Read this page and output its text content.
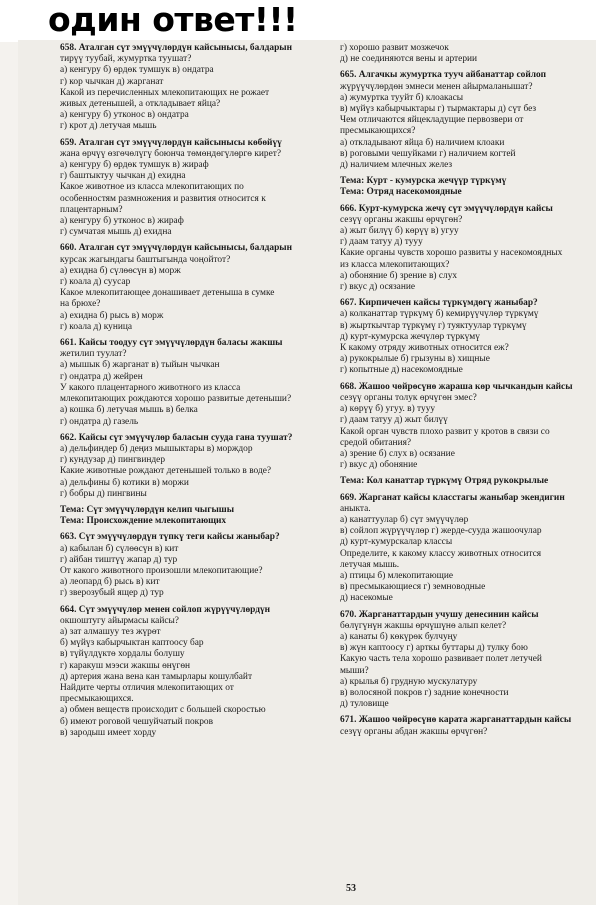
один ответ!!!
658. Аталган сүт эмүүчүлөрдүн кайсынысы, балдарын
тирүү туубай, жумуртка туушат?
а) кенгуру б) өрдөк тумшук в) ондатра
г) кор чычкан д) жарганат
Какой из перечисленных млекопитающих не рожает
живых детенышей, а откладывает яйца?
а) кенгуру б) утконос в) ондатра
г) крот д) летучая мышь
659. Аталган сүт эмүүчүлөрдүн кайсынысы көбөйүү
жана өрчүү өзгөчөлүгү боюнча төмөндөгүлөргө кирет?
а) кенгуру б) өрдөк тумшук в) жираф
г) баштыктуу чычкан д) ехидна
Какое животное из класса млекопитающих по
особенностям размножения и развития относится к
плацентарным?
а) кенгуру б) утконос в) жираф
г) сумчатая мышь д) ехидна
660. Аталган сүт эмүүчүлөрдүн кайсынысы, балдарын
курсак жагындагы баштыгында чоңойтот?
а) ехидна б) сүлөөсүн в) морж
г) коала д) суусар
Какое млекопитающее донашивает детеныша в сумке
на брюхе?
а) ехидна б) рысь в) морж
г) коала д) куница
661. Кайсы тоодуу сүт эмүүчүлөрдүн баласы жакшы
жетилип туулат?
а) мышык б) жарганат в) тыйын чычкан
г) ондатра д) жейрен
У какого плацентарного животного из класса
млекопитающих рождаются хорошо развитые детеныши?
а) кошка б) летучая мышь в) белка
г) ондатра д) газель
662. Кайсы сүт эмүүчүлөр баласын сууда гана туушат?
а) дельфиндер б) деңиз мышыктары в) морждор
г) кундузар д) пингвиндер
Какие животные рождают детенышей только в воде?
а) дельфины б) котики в) моржи
г) бобры д) пингвины
Тема: Сүт эмүүчүлөрдүн келип чыгышы
Тема: Происхождение млекопитающих
663. Сүт эмүүчүлөрдүн түпкү теги кайсы жаныбар?
а) кабылан б) сүлөөсүн в) кит
г) айбан тиштүү жапар д) тур
От какого животного произошли млекопитающие?
а) леопард б) рысь в) кит
г) зверозубый ящер д) тур
664. Сүт эмүүчүлөр менен сойлоп жүрүүчүлөрдүн
окшоштугу айырмасы кайсы?
а) зат алмашуу тез жүрөт
б) мүйүз кабырчыктан каптоосу бар
в) түйүлдүктө хордалы болушу
г) каракуш мээси жакшы өнүгөн
д) артерия жана вена кан тамырлары кошулбайт
Найдите черты отличия млекопитающих от
пресмыкающихся.
а) обмен веществ происходит с большей скоростью
б) имеют роговой чешуйчатый покров
в) зародыш имеет хорду
г) хорошо развит мозжечок
д) не соединяются вены и артерии
665. Алгачкы жумуртка тууч айбанаттар сойлоп
жүрүүчүлөрдөн эмнеси менен айырмаланышат?
а) жумуртка тууйт б) клоакасы
в) мүйүз кабырчыктары г) тырмактары д) сүт без
Чем отличаются яйцекладущие первозвери от
пресмыкающихся?
а) откладывают яйца б) наличием клоаки
в) роговыми чешуйками г) наличием когтей
д) наличием млечных желез
Тема: Курт - кумурска жечүүр түркүмү
Тема: Отряд насекомоядные
666. Курт-кумурска жечү сүт эмүүчүлөрдүн кайсы
сезүү органы жакшы өрчүгөн?
а) жыт билүү б) көрүү в) угуу
г) даам татуу д) тууу
Какие органы чувств хорошо развиты у насекомоядных
из класса млекопитающих?
а) обоняние б) зрение в) слух
г) вкус д) осязание
667. Кирпичечен кайсы түркүмдөгү жаныбар?
а) колканаттар түркүмү б) кемирүүчүлөр түркүмү
в) жырткычтар түркүмү г) туяктуулар түркүмү
д) курт-кумурска жечүлөр түркүмү
К какому отряду животных относится еж?
а) рукокрылые б) грызуны в) хищные
г) копытные д) насекомоядные
668. Жашоо чөйрөсүнө жараша көр чычкандын кайсы
сезүү органы толук өрчүгөн эмес?
а) көрүү б) угуу. в) тууу
г) даам татуу д) жыт билүү
Какой орган чувств плохо развит у кротов в связи со
средой обитания?
а) зрение б) слух в) осязание
г) вкус д) обоняние
Тема: Кол канаттар түркүмү Отряд рукокрылые
669. Жарганат кайсы класстагы жаныбар экендигин
аныкта.
а) канаттуулар б) сүт эмүүчүлөр
в) сойлоп жүрүүчүлөр г) жерде-сууда жашоочулар
д) курт-кумурскалар классы
Определите, к какому классу животных относится
летучая мышь.
а) птицы б) млекопитающие
в) пресмыкающиеся г) земноводные
д) насекомые
670. Жарганаттардын учушу денесинин кайсы
бөлүгүнүн жакшы өрчүшүнө алып келет?
а) канаты б) көкүрөк булчуңу
в) жүн каптоосу г) арткы буттары д) тулку бою
Какую часть тела хорошо развивает полет летучей
мыши?
а) крылья б) грудную мускулатуру
в) волосяной покров г) задние конечности
д) туловище
671. Жашоо чөйрөсүнө карата жарганаттардын кайсы
сезүү органы абдан жакшы өрчүгөн?
53
